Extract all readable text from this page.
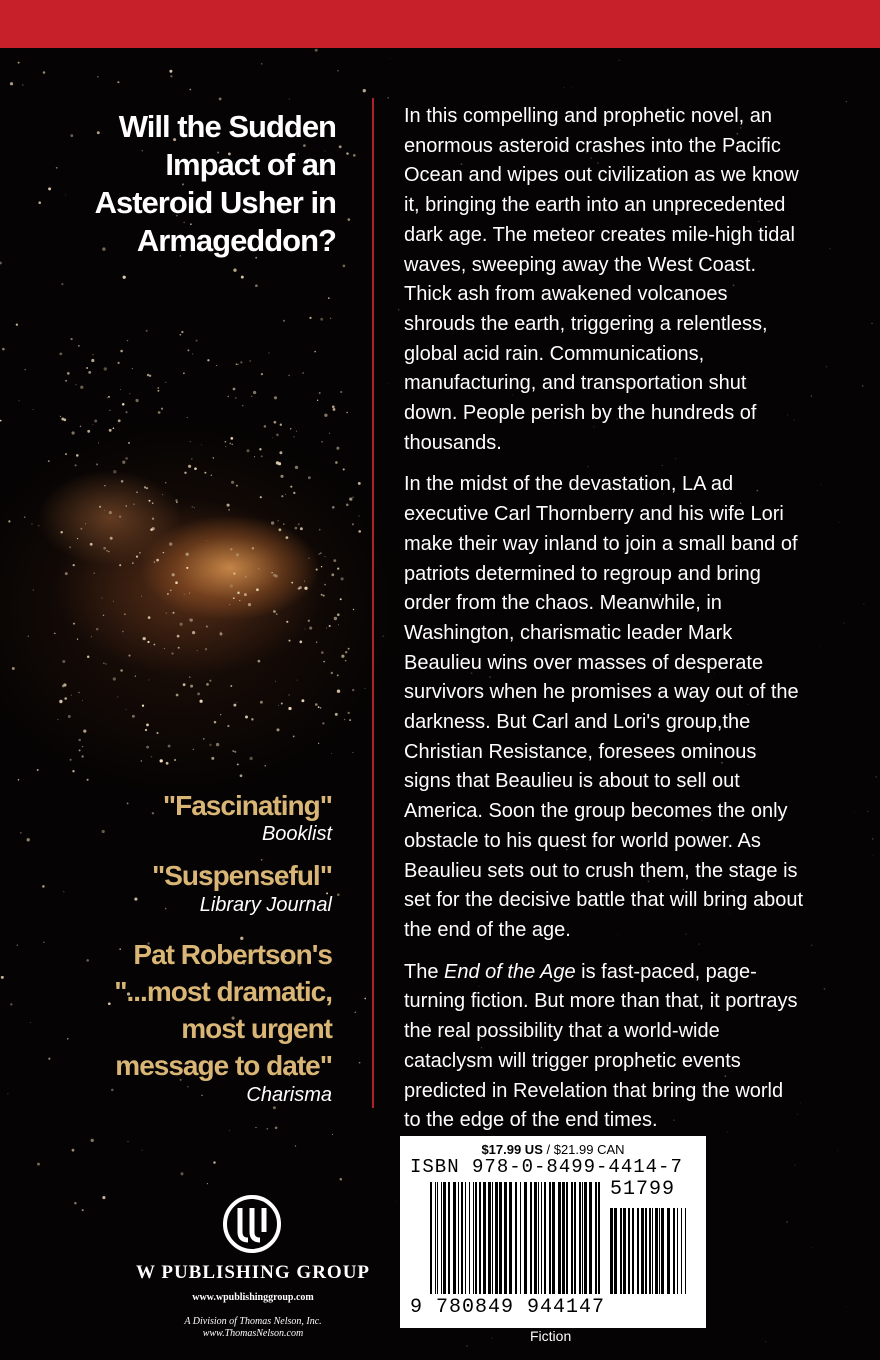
Will the Sudden Impact of an Asteroid Usher in Armageddon?
"Fascinating"
Booklist
"Suspenseful"
Library Journal
Pat Robertson's "...most dramatic, most urgent message to date"
Charisma

In this compelling and prophetic novel, an enormous asteroid crashes into the Pacific Ocean and wipes out civilization as we know it, bringing the earth into an unprecedented dark age. The meteor creates mile-high tidal waves, sweeping away the West Coast. Thick ash from awakened volcanoes shrouds the earth, triggering a relentless, global acid rain. Communications, manufacturing, and transportation shut down. People perish by the hundreds of thousands.

In the midst of the devastation, LA ad executive Carl Thornberry and his wife Lori make their way inland to join a small band of patriots determined to regroup and bring order from the chaos. Meanwhile, in Washington, charismatic leader Mark Beaulieu wins over masses of desperate survivors when he promises a way out of the darkness. But Carl and Lori's group,the Christian Resistance, foresees ominous signs that Beaulieu is about to sell out America. Soon the group becomes the only obstacle to his quest for world power. As Beaulieu sets out to crush them, the stage is set for the decisive battle that will bring about the end of the age.

The End of the Age is fast-paced, page-turning fiction. But more than that, it portrays the real possibility that a world-wide cataclysm will trigger prophetic events predicted in Revelation that bring the world to the edge of the end times.

W PUBLISHING GROUP
www.wpublishinggroup.com
A Division of Thomas Nelson, Inc.
www.ThomasNelson.com
$17.99 US / $21.99 CAN
ISBN 978-0-8499-4414-7
51799
9 780849 944147
Fiction
